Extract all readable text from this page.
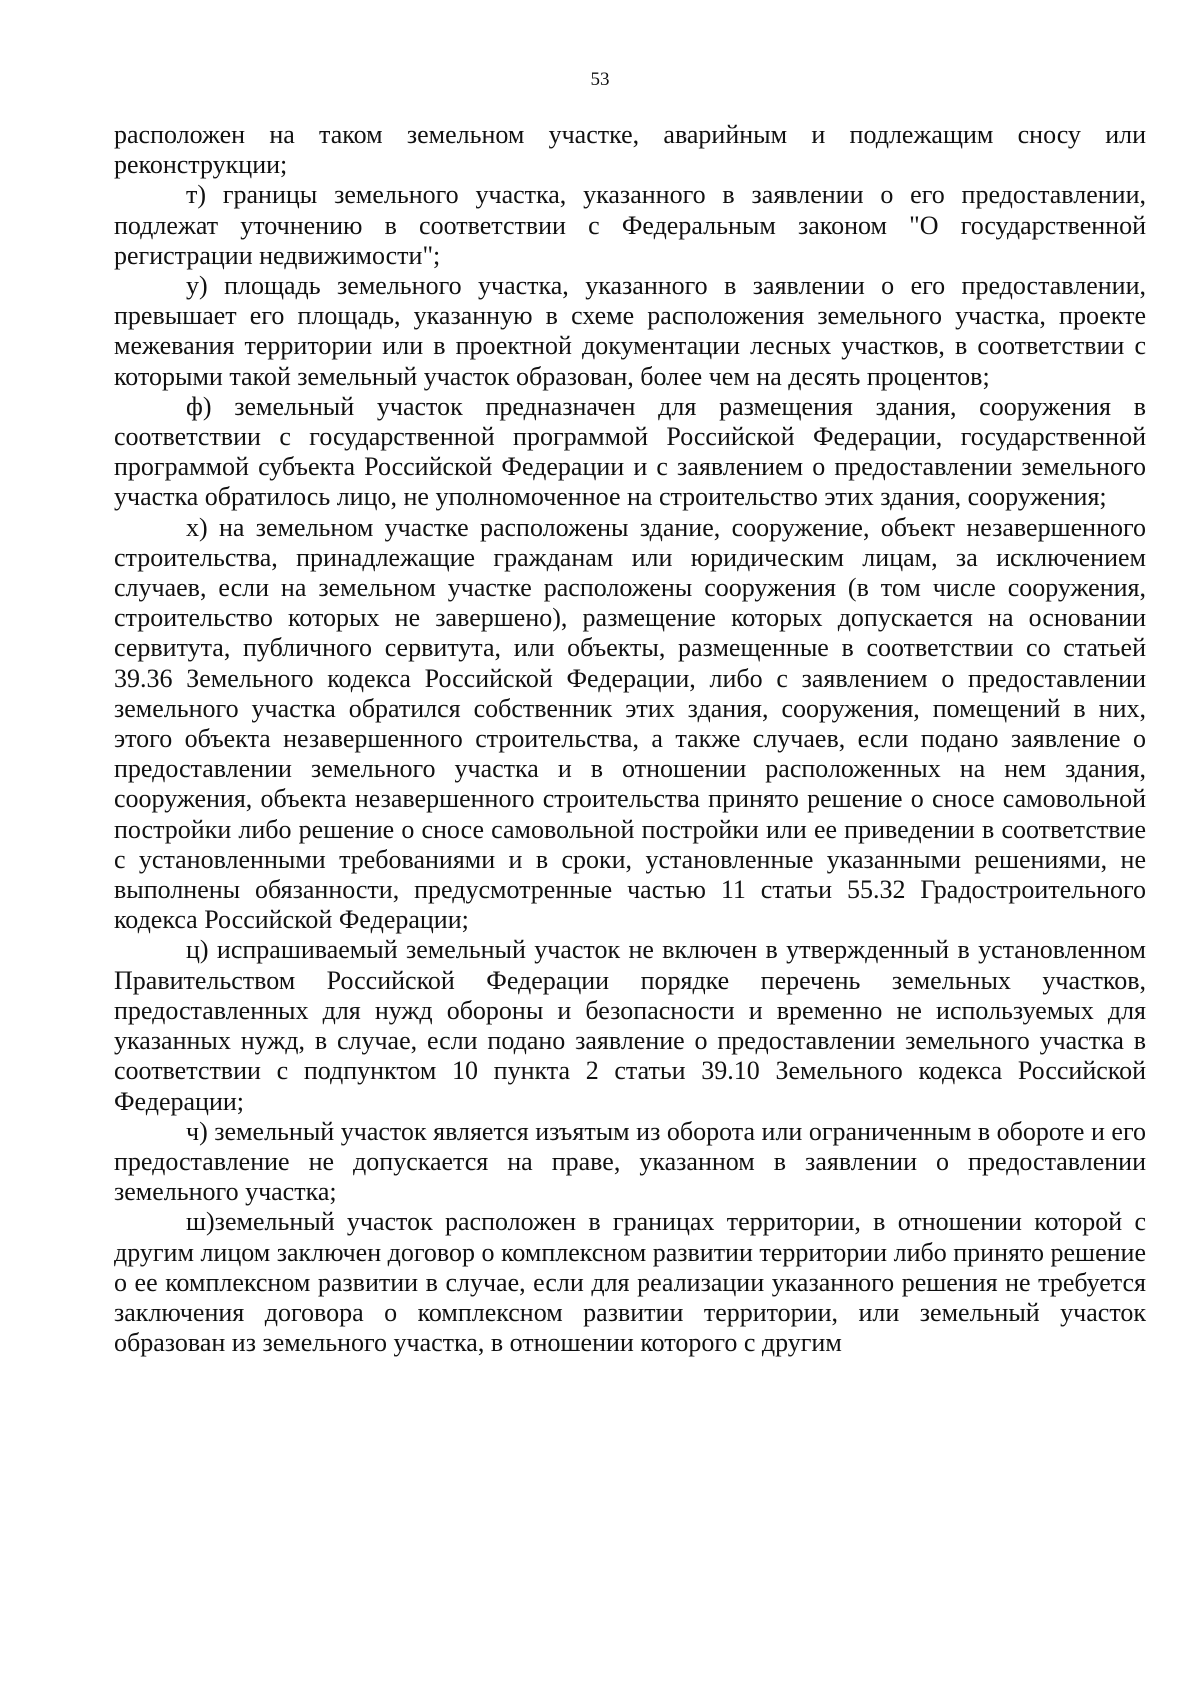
53

расположен на таком земельном участке, аварийным и подлежащим сносу или реконструкции;

т) границы земельного участка, указанного в заявлении о его предоставлении, подлежат уточнению в соответствии с Федеральным законом "О государственной регистрации недвижимости";

у) площадь земельного участка, указанного в заявлении о его предоставлении, превышает его площадь, указанную в схеме расположения земельного участка, проекте межевания территории или в проектной документации лесных участков, в соответствии с которыми такой земельный участок образован, более чем на десять процентов;

ф) земельный участок предназначен для размещения здания, сооружения в соответствии с государственной программой Российской Федерации, государственной программой субъекта Российской Федерации и с заявлением о предоставлении земельного участка обратилось лицо, не уполномоченное на строительство этих здания, сооружения;

х) на земельном участке расположены здание, сооружение, объект незавершенного строительства, принадлежащие гражданам или юридическим лицам, за исключением случаев, если на земельном участке расположены сооружения (в том числе сооружения, строительство которых не завершено), размещение которых допускается на основании сервитута, публичного сервитута, или объекты, размещенные в соответствии со статьей 39.36 Земельного кодекса Российской Федерации, либо с заявлением о предоставлении земельного участка обратился собственник этих здания, сооружения, помещений в них, этого объекта незавершенного строительства, а также случаев, если подано заявление о предоставлении земельного участка и в отношении расположенных на нем здания, сооружения, объекта незавершенного строительства принято решение о сносе самовольной постройки либо решение о сносе самовольной постройки или ее приведении в соответствие с установленными требованиями и в сроки, установленные указанными решениями, не выполнены обязанности, предусмотренные частью 11 статьи 55.32 Градостроительного кодекса Российской Федерации;

ц) испрашиваемый земельный участок не включен в утвержденный в установленном Правительством Российской Федерации порядке перечень земельных участков, предоставленных для нужд обороны и безопасности и временно не используемых для указанных нужд, в случае, если подано заявление о предоставлении земельного участка в соответствии с подпунктом 10 пункта 2 статьи 39.10 Земельного кодекса Российской Федерации;

ч) земельный участок является изъятым из оборота или ограниченным в обороте и его предоставление не допускается на праве, указанном в заявлении о предоставлении земельного участка;

ш)земельный участок расположен в границах территории, в отношении которой с другим лицом заключен договор о комплексном развитии территории либо принято решение о ее комплексном развитии в случае, если для реализации указанного решения не требуется заключения договора о комплексном развитии территории, или земельный участок образован из земельного участка, в отношении которого с другим
